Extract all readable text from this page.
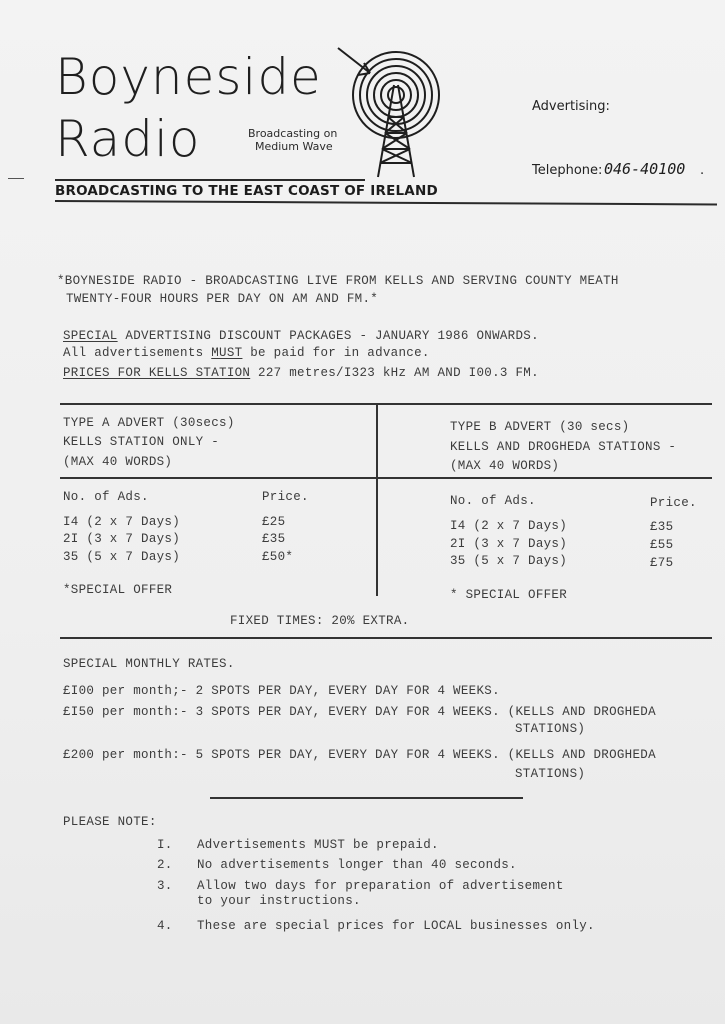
Boyneside
Radio	Broadcasting on
Medium Wave
Advertising:
Telephone: 046-40100 .
BROADCASTING TO THE EAST COAST OF IRELAND
*BOYNESIDE RADIO - BROADCASTING LIVE FROM KELLS AND SERVING COUNTY MEATH
TWENTY-FOUR HOURS PER DAY ON AM AND FM.*
SPECIAL ADVERTISING DISCOUNT PACKAGES - JANUARY 1986 ONWARDS.
All advertisements MUST be paid for in advance.
PRICES FOR KELLS STATION 227 metres/I323 kHz AM AND I00.3 FM.
TYPE A ADVERT (30secs)
KELLS STATION ONLY -
(MAX 40 WORDS)
No. of Ads.	Price.
I4 (2 x 7 Days)	£25
2I (3 x 7 Days)	£35
35 (5 x 7 Days)	£50*
*SPECIAL OFFER
TYPE B ADVERT (30 secs)
KELLS AND DROGHEDA STATIONS -
(MAX 40 WORDS)
No. of Ads.	Price.
I4 (2 x 7 Days)	£35
2I (3 x 7 Days)	£55
35 (5 x 7 Days)	£75
* SPECIAL OFFER
FIXED TIMES: 20% EXTRA.
SPECIAL MONTHLY RATES.
£I00 per month;- 2 SPOTS PER DAY, EVERY DAY FOR 4 WEEKS.
£I50 per month:- 3 SPOTS PER DAY, EVERY DAY FOR 4 WEEKS. (KELLS AND DROGHEDA
STATIONS)
£200 per month:- 5 SPOTS PER DAY, EVERY DAY FOR 4 WEEKS. (KELLS AND DROGHEDA
STATIONS)
PLEASE NOTE:
I. Advertisements MUST be prepaid.
2. No advertisements longer than 40 seconds.
3. Allow two days for preparation of advertisement
to your instructions.
4. These are special prices for LOCAL businesses only.
